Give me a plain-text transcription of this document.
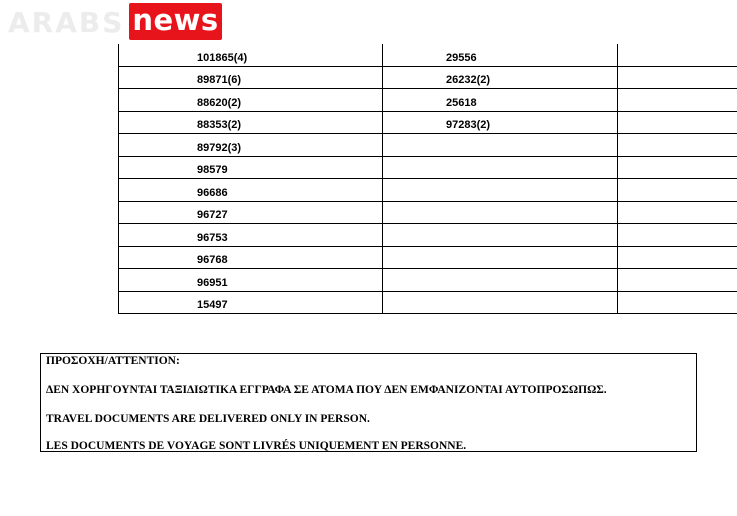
ARABS news
101865(4)	29556	

89871(6)	26232(2)	

88620(2)	25618	

88353(2)	97283(2)	

89792(3)		

98579		

96686		

96727		

96753		

96768		

96951		

15497		

ΠΡΟΣΟΧΗ/ATTENTION:

ΔΕΝ ΧΟΡΗΓΟΥΝΤΑΙ ΤΑΞΙΔΙΩΤΙΚΑ ΕΓΓΡΑΦΑ ΣΕ ΑΤΟΜΑ ΠΟΥ ΔΕΝ ΕΜΦΑΝΙΖΟΝΤΑΙ ΑΥΤΟΠΡΟΣΩΠΩΣ.

TRAVEL DOCUMENTS ARE DELIVERED ONLY IN PERSON.

LES DOCUMENTS DE VOYAGE SONT LIVRÉS UNIQUEMENT EN PERSONNE.
